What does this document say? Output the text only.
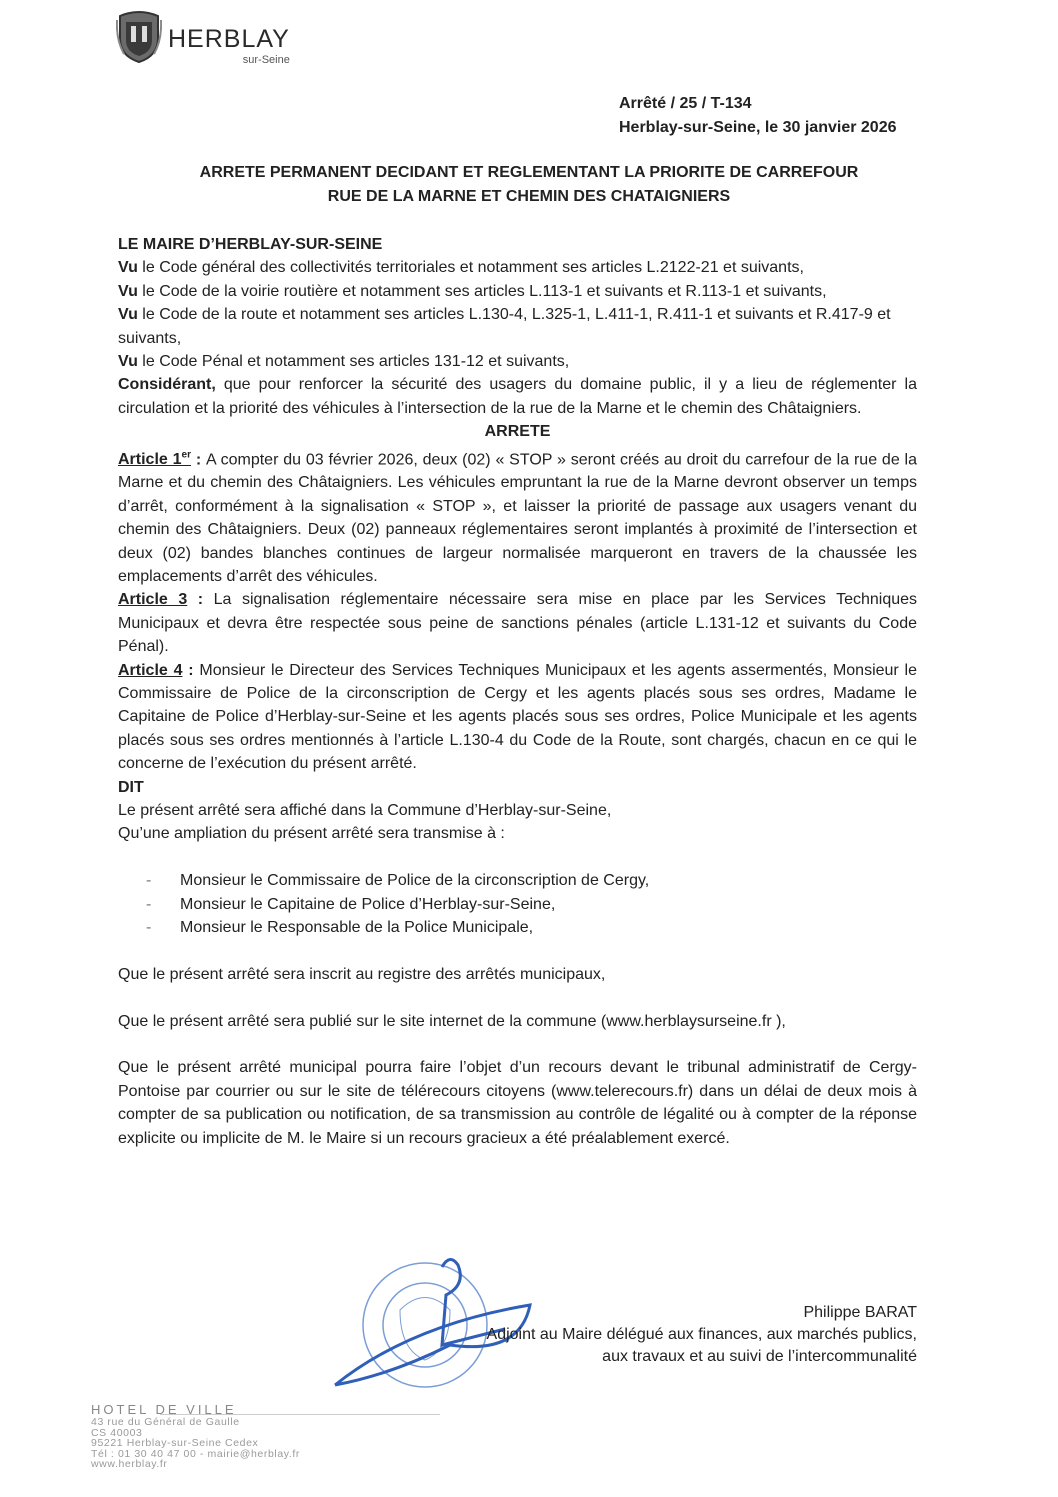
HERBLAY
sur-Seine
Arrêté / 25 / T-134
Herblay-sur-Seine, le 30 janvier 2026
ARRETE PERMANENT DECIDANT ET REGLEMENTANT LA PRIORITE DE CARREFOUR
RUE DE LA MARNE ET CHEMIN DES CHATAIGNIERS

LE MAIRE D’HERBLAY-SUR-SEINE

Vu le Code général des collectivités territoriales et notamment ses articles L.2122-21 et suivants,

Vu le Code de la voirie routière et notamment ses articles L.113-1 et suivants et R.113-1 et suivants,

Vu le Code de la route et notamment ses articles L.130-4, L.325-1, L.411-1, R.411-1 et suivants et R.417-9 et suivants,

Vu le Code Pénal et notamment ses articles 131-12 et suivants,

Considérant, que pour renforcer la sécurité des usagers du domaine public, il y a lieu de réglementer la circulation et la priorité des véhicules à l’intersection de la rue de la Marne et le chemin des Châtaigniers.

ARRETE

Article 1er : A compter du 03 février 2026, deux (02) « STOP » seront créés au droit du carrefour de la rue de la Marne et du chemin des Châtaigniers. Les véhicules empruntant la rue de la Marne devront observer un temps d’arrêt, conformément à la signalisation « STOP », et laisser la priorité de passage aux usagers venant du chemin des Châtaigniers. Deux (02) panneaux réglementaires seront implantés à proximité de l’intersection et deux (02) bandes blanches continues de largeur normalisée marqueront en travers de la chaussée les emplacements d’arrêt des véhicules.

Article 3 : La signalisation réglementaire nécessaire sera mise en place par les Services Techniques Municipaux et devra être respectée sous peine de sanctions pénales (article L.131-12 et suivants du Code Pénal).

Article 4 : Monsieur le Directeur des Services Techniques Municipaux et les agents assermentés, Monsieur le Commissaire de Police de la circonscription de Cergy et les agents placés sous ses ordres, Madame le Capitaine de Police d’Herblay-sur-Seine et les agents placés sous ses ordres, Police Municipale et les agents placés sous ses ordres mentionnés à l’article L.130-4 du Code de la Route, sont chargés, chacun en ce qui le concerne de l’exécution du présent arrêté.

DIT

Le présent arrêté sera affiché dans la Commune d’Herblay-sur-Seine,

Qu’une ampliation du présent arrêté sera transmise à :

- Monsieur le Commissaire de Police de la circonscription de Cergy,
- Monsieur le Capitaine de Police d’Herblay-sur-Seine,
- Monsieur le Responsable de la Police Municipale,

Que le présent arrêté sera inscrit au registre des arrêtés municipaux,

Que le présent arrêté sera publié sur le site internet de la commune (www.herblaysurseine.fr ),

Que le présent arrêté municipal pourra faire l’objet d’un recours devant le tribunal administratif de Cergy-Pontoise par courrier ou sur le site de télérecours citoyens (www.telerecours.fr) dans un délai de deux mois à compter de sa publication ou notification, de sa transmission au contrôle de légalité ou à compter de la réponse explicite ou implicite de M. le Maire si un recours gracieux a été préalablement exercé.

Philippe BARAT
Adjoint au Maire délégué aux finances, aux marchés publics,
aux travaux et au suivi de l’intercommunalité
HOTEL DE VILLE
43 rue du Général de Gaulle
CS 40003
95221 Herblay-sur-Seine Cedex
Tél : 01 30 40 47 00 - mairie@herblay.fr
www.herblay.fr
